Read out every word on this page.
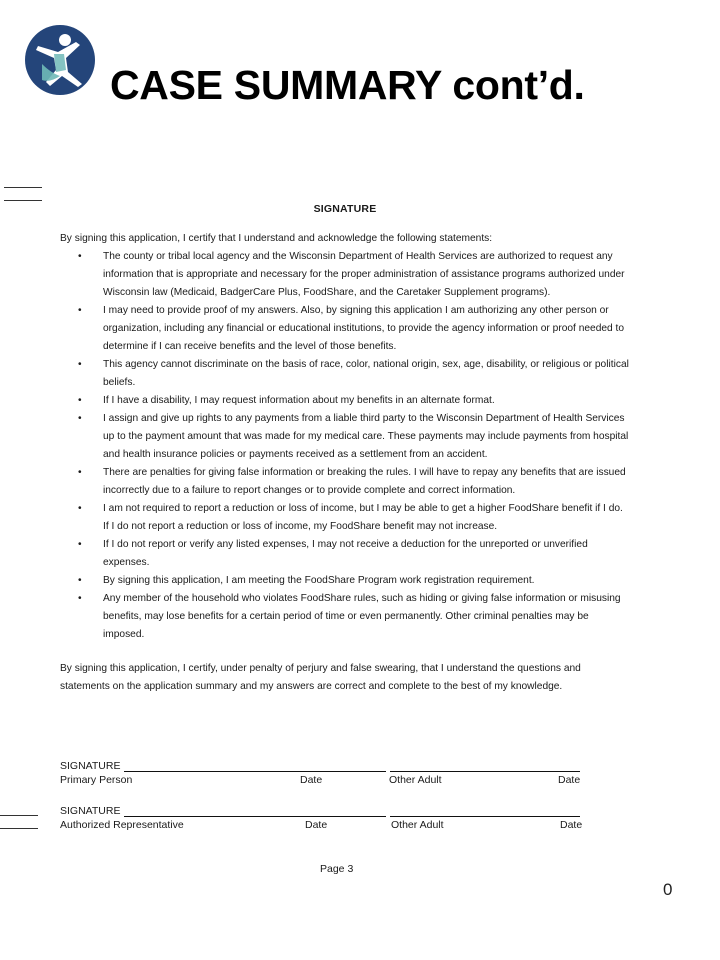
CASE SUMMARY cont’d.
SIGNATURE

By signing this application, I certify that I understand and acknowledge the following statements:

• The county or tribal local agency and the Wisconsin Department of Health Services are authorized to request any information that is appropriate and necessary for the proper administration of assistance programs authorized under Wisconsin law (Medicaid, BadgerCare Plus, FoodShare, and the Caretaker Supplement programs).
• I may need to provide proof of my answers. Also, by signing this application I am authorizing any other person or organization, including any financial or educational institutions, to provide the agency information or proof needed to determine if I can receive benefits and the level of those benefits.
• This agency cannot discriminate on the basis of race, color, national origin, sex, age, disability, or religious or political beliefs.
• If I have a disability, I may request information about my benefits in an alternate format.
• I assign and give up rights to any payments from a liable third party to the Wisconsin Department of Health Services up to the payment amount that was made for my medical care. These payments may include payments from hospital and health insurance policies or payments received as a settlement from an accident.
• There are penalties for giving false information or breaking the rules. I will have to repay any benefits that are issued incorrectly due to a failure to report changes or to provide complete and correct information.
• I am not required to report a reduction or loss of income, but I may be able to get a higher FoodShare benefit if I do. If I do not report a reduction or loss of income, my FoodShare benefit may not increase.
• If I do not report or verify any listed expenses, I may not receive a deduction for the unreported or unverified expenses.
• By signing this application, I am meeting the FoodShare Program work registration requirement.
• Any member of the household who violates FoodShare rules, such as hiding or giving false information or misusing benefits, may lose benefits for a certain period of time or even permanently. Other criminal penalties may be imposed.

By signing this application, I certify, under penalty of perjury and false swearing, that I understand the questions and statements on the application summary and my answers are correct and complete to the best of my knowledge.

SIGNATURE
Primary Person	Date	Other Adult	Date
SIGNATURE
Authorized Representative	Date	Other Adult	Date
Page 3
0
